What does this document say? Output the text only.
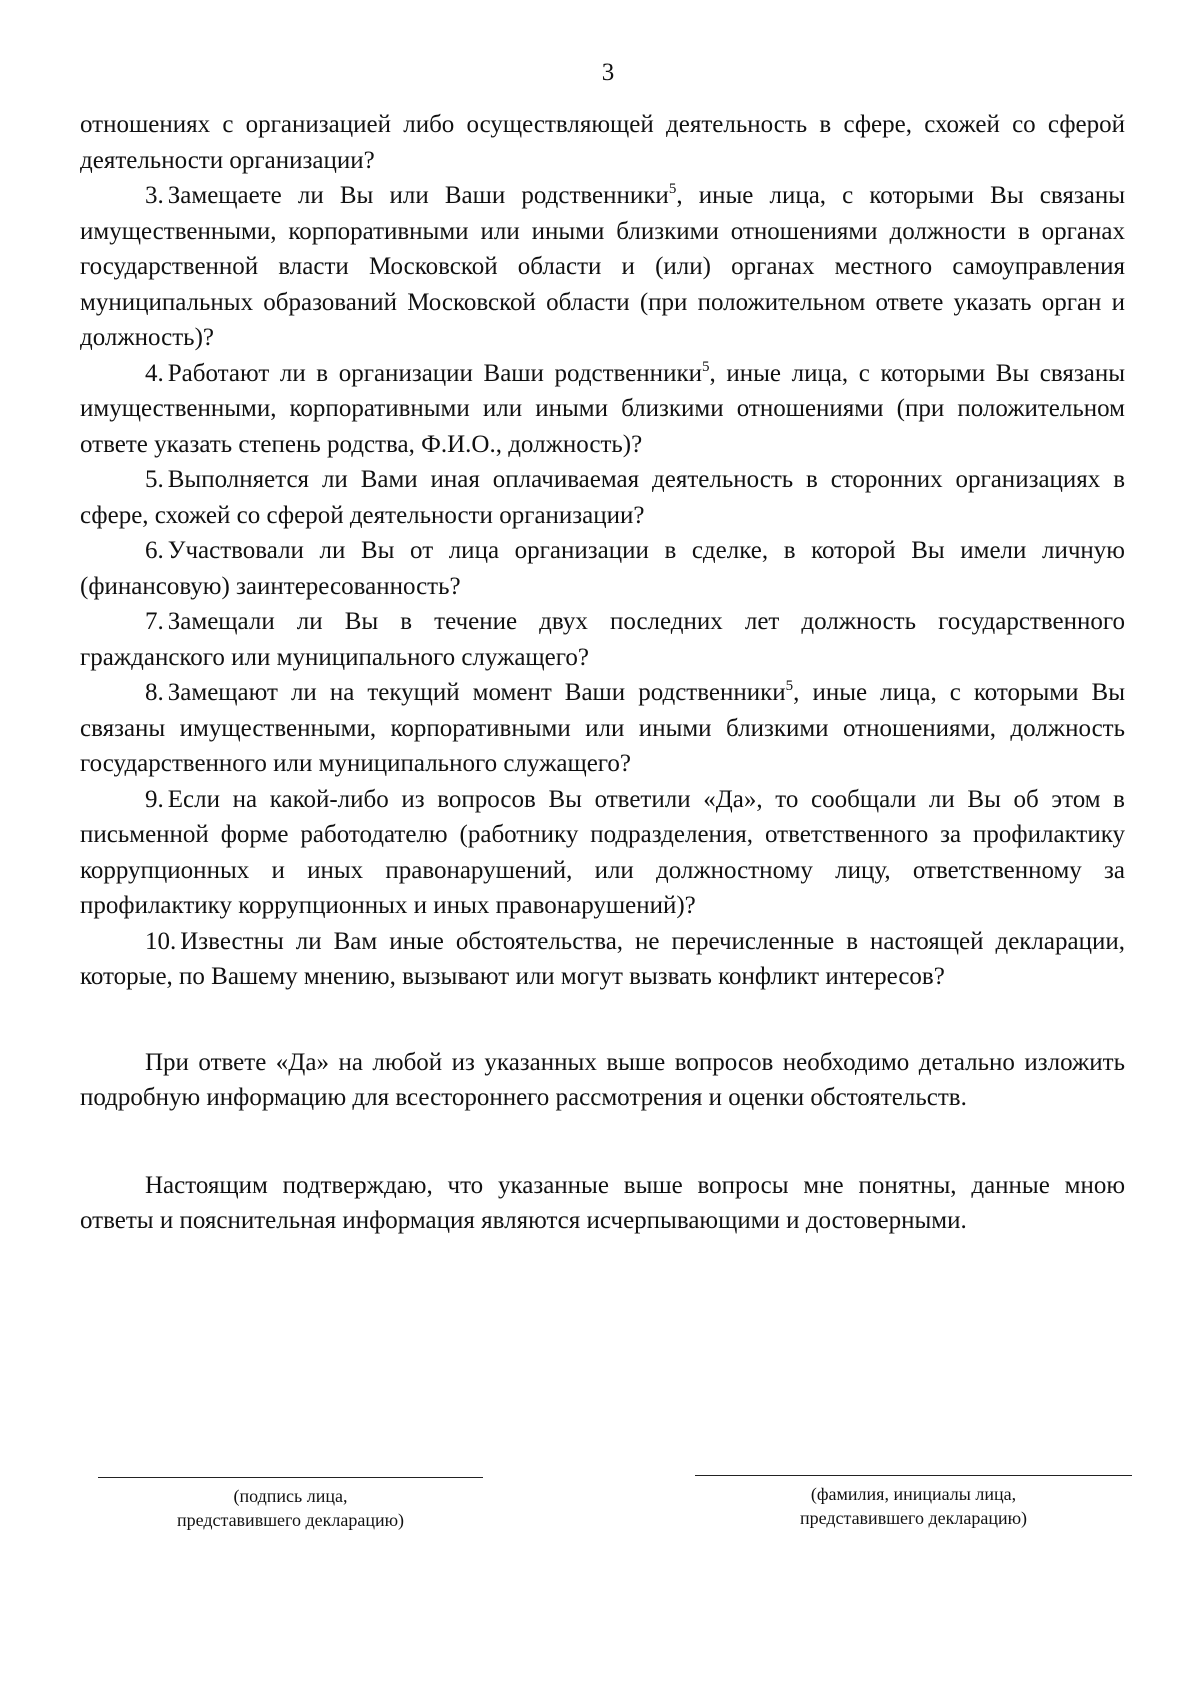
3

отношениях с организацией либо осуществляющей деятельность в сфере, схожей со сферой деятельности организации?

3. Замещаете ли Вы или Ваши родственники$^5$, иные лица, с которыми Вы связаны имущественными, корпоративными или иными близкими отношениями должности в органах государственной власти Московской области и (или) органах местного самоуправления муниципальных образований Московской области (при положительном ответе указать орган и должность)?

4. Работают ли в организации Ваши родственники$^5$, иные лица, с которыми Вы связаны имущественными, корпоративными или иными близкими отношениями (при положительном ответе указать степень родства, Ф.И.О., должность)?

5. Выполняется ли Вами иная оплачиваемая деятельность в сторонних организациях в сфере, схожей со сферой деятельности организации?

6. Участвовали ли Вы от лица организации в сделке, в которой Вы имели личную (финансовую) заинтересованность?

7. Замещали ли Вы в течение двух последних лет должность государственного гражданского или муниципального служащего?

8. Замещают ли на текущий момент Ваши родственники$^5$, иные лица, с которыми Вы связаны имущественными, корпоративными или иными близкими отношениями, должность государственного или муниципального служащего?

9. Если на какой-либо из вопросов Вы ответили «Да», то сообщали ли Вы об этом в письменной форме работодателю (работнику подразделения, ответственного за профилактику коррупционных и иных правонарушений, или должностному лицу, ответственному за профилактику коррупционных и иных правонарушений)?

10. Известны ли Вам иные обстоятельства, не перечисленные в настоящей декларации, которые, по Вашему мнению, вызывают или могут вызвать конфликт интересов?

При ответе «Да» на любой из указанных выше вопросов необходимо детально изложить подробную информацию для всестороннего рассмотрения и оценки обстоятельств.

Настоящим подтверждаю, что указанные выше вопросы мне понятны, данные мною ответы и пояснительная информация являются исчерпывающими и достоверными.

(подпись лица,
представившего декларацию)
(фамилия, инициалы лица,
представившего декларацию)
